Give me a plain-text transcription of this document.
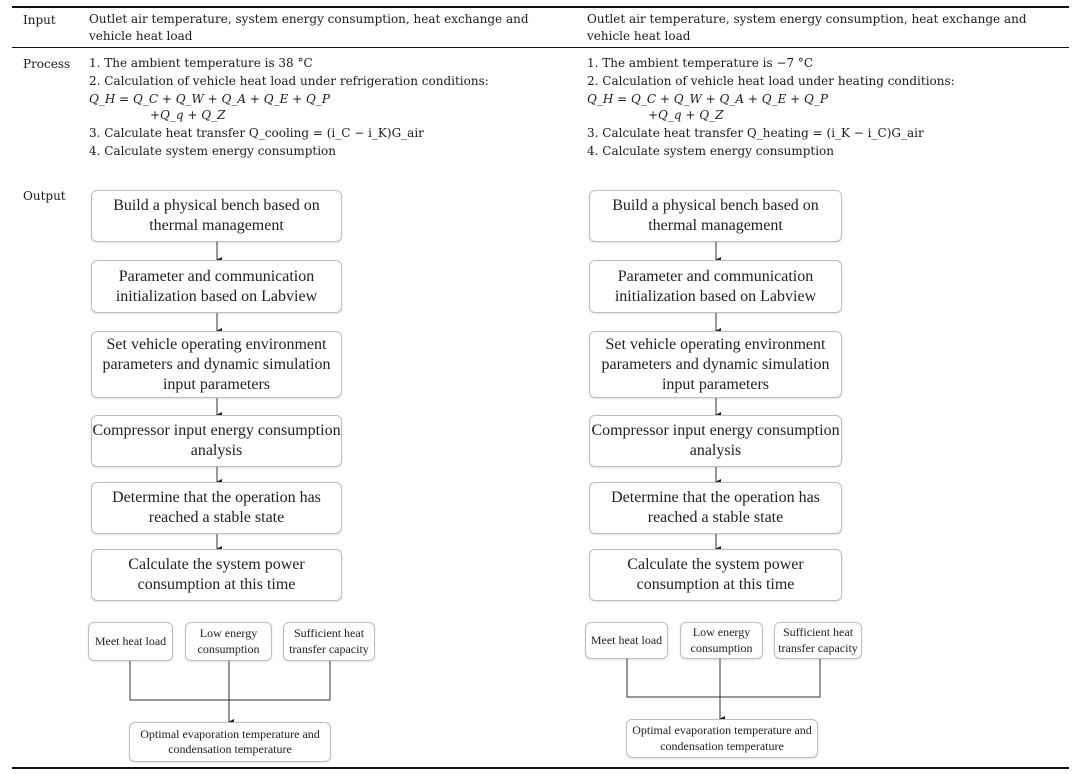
Input
Process
Output
Outlet air temperature, system energy consumption, heat exchange and vehicle heat load
Outlet air temperature, system energy consumption, heat exchange and vehicle heat load
1. The ambient temperature is 38 °C
2. Calculation of vehicle heat load under refrigeration conditions:
Q_H = Q_C + Q_W + Q_A + Q_E + Q_P
+Q_q + Q_Z
3. Calculate heat transfer Q_cooling = (i_C − i_K)G_air
4. Calculate system energy consumption
1. The ambient temperature is −7 °C
2. Calculation of vehicle heat load under heating conditions:
Q_H = Q_C + Q_W + Q_A + Q_E + Q_P
+Q_q + Q_Z
3. Calculate heat transfer Q_heating = (i_K − i_C)G_air
4. Calculate system energy consumption
Build a physical bench based on thermal management
Parameter and communication initialization based on Labview
Set vehicle operating environment parameters and dynamic simulation input parameters
Compressor input energy consumption analysis
Determine that the operation has reached a stable state
Calculate the system power consumption at this time
Meet heat load
Low energy consumption
Sufficient heat transfer capacity
Optimal evaporation temperature and condensation temperature
Build a physical bench based on thermal management
Parameter and communication initialization based on Labview
Set vehicle operating environment parameters and dynamic simulation input parameters
Compressor input energy consumption analysis
Determine that the operation has reached a stable state
Calculate the system power consumption at this time
Meet heat load
Low energy consumption
Sufficient heat transfer capacity
Optimal evaporation temperature and condensation temperature
